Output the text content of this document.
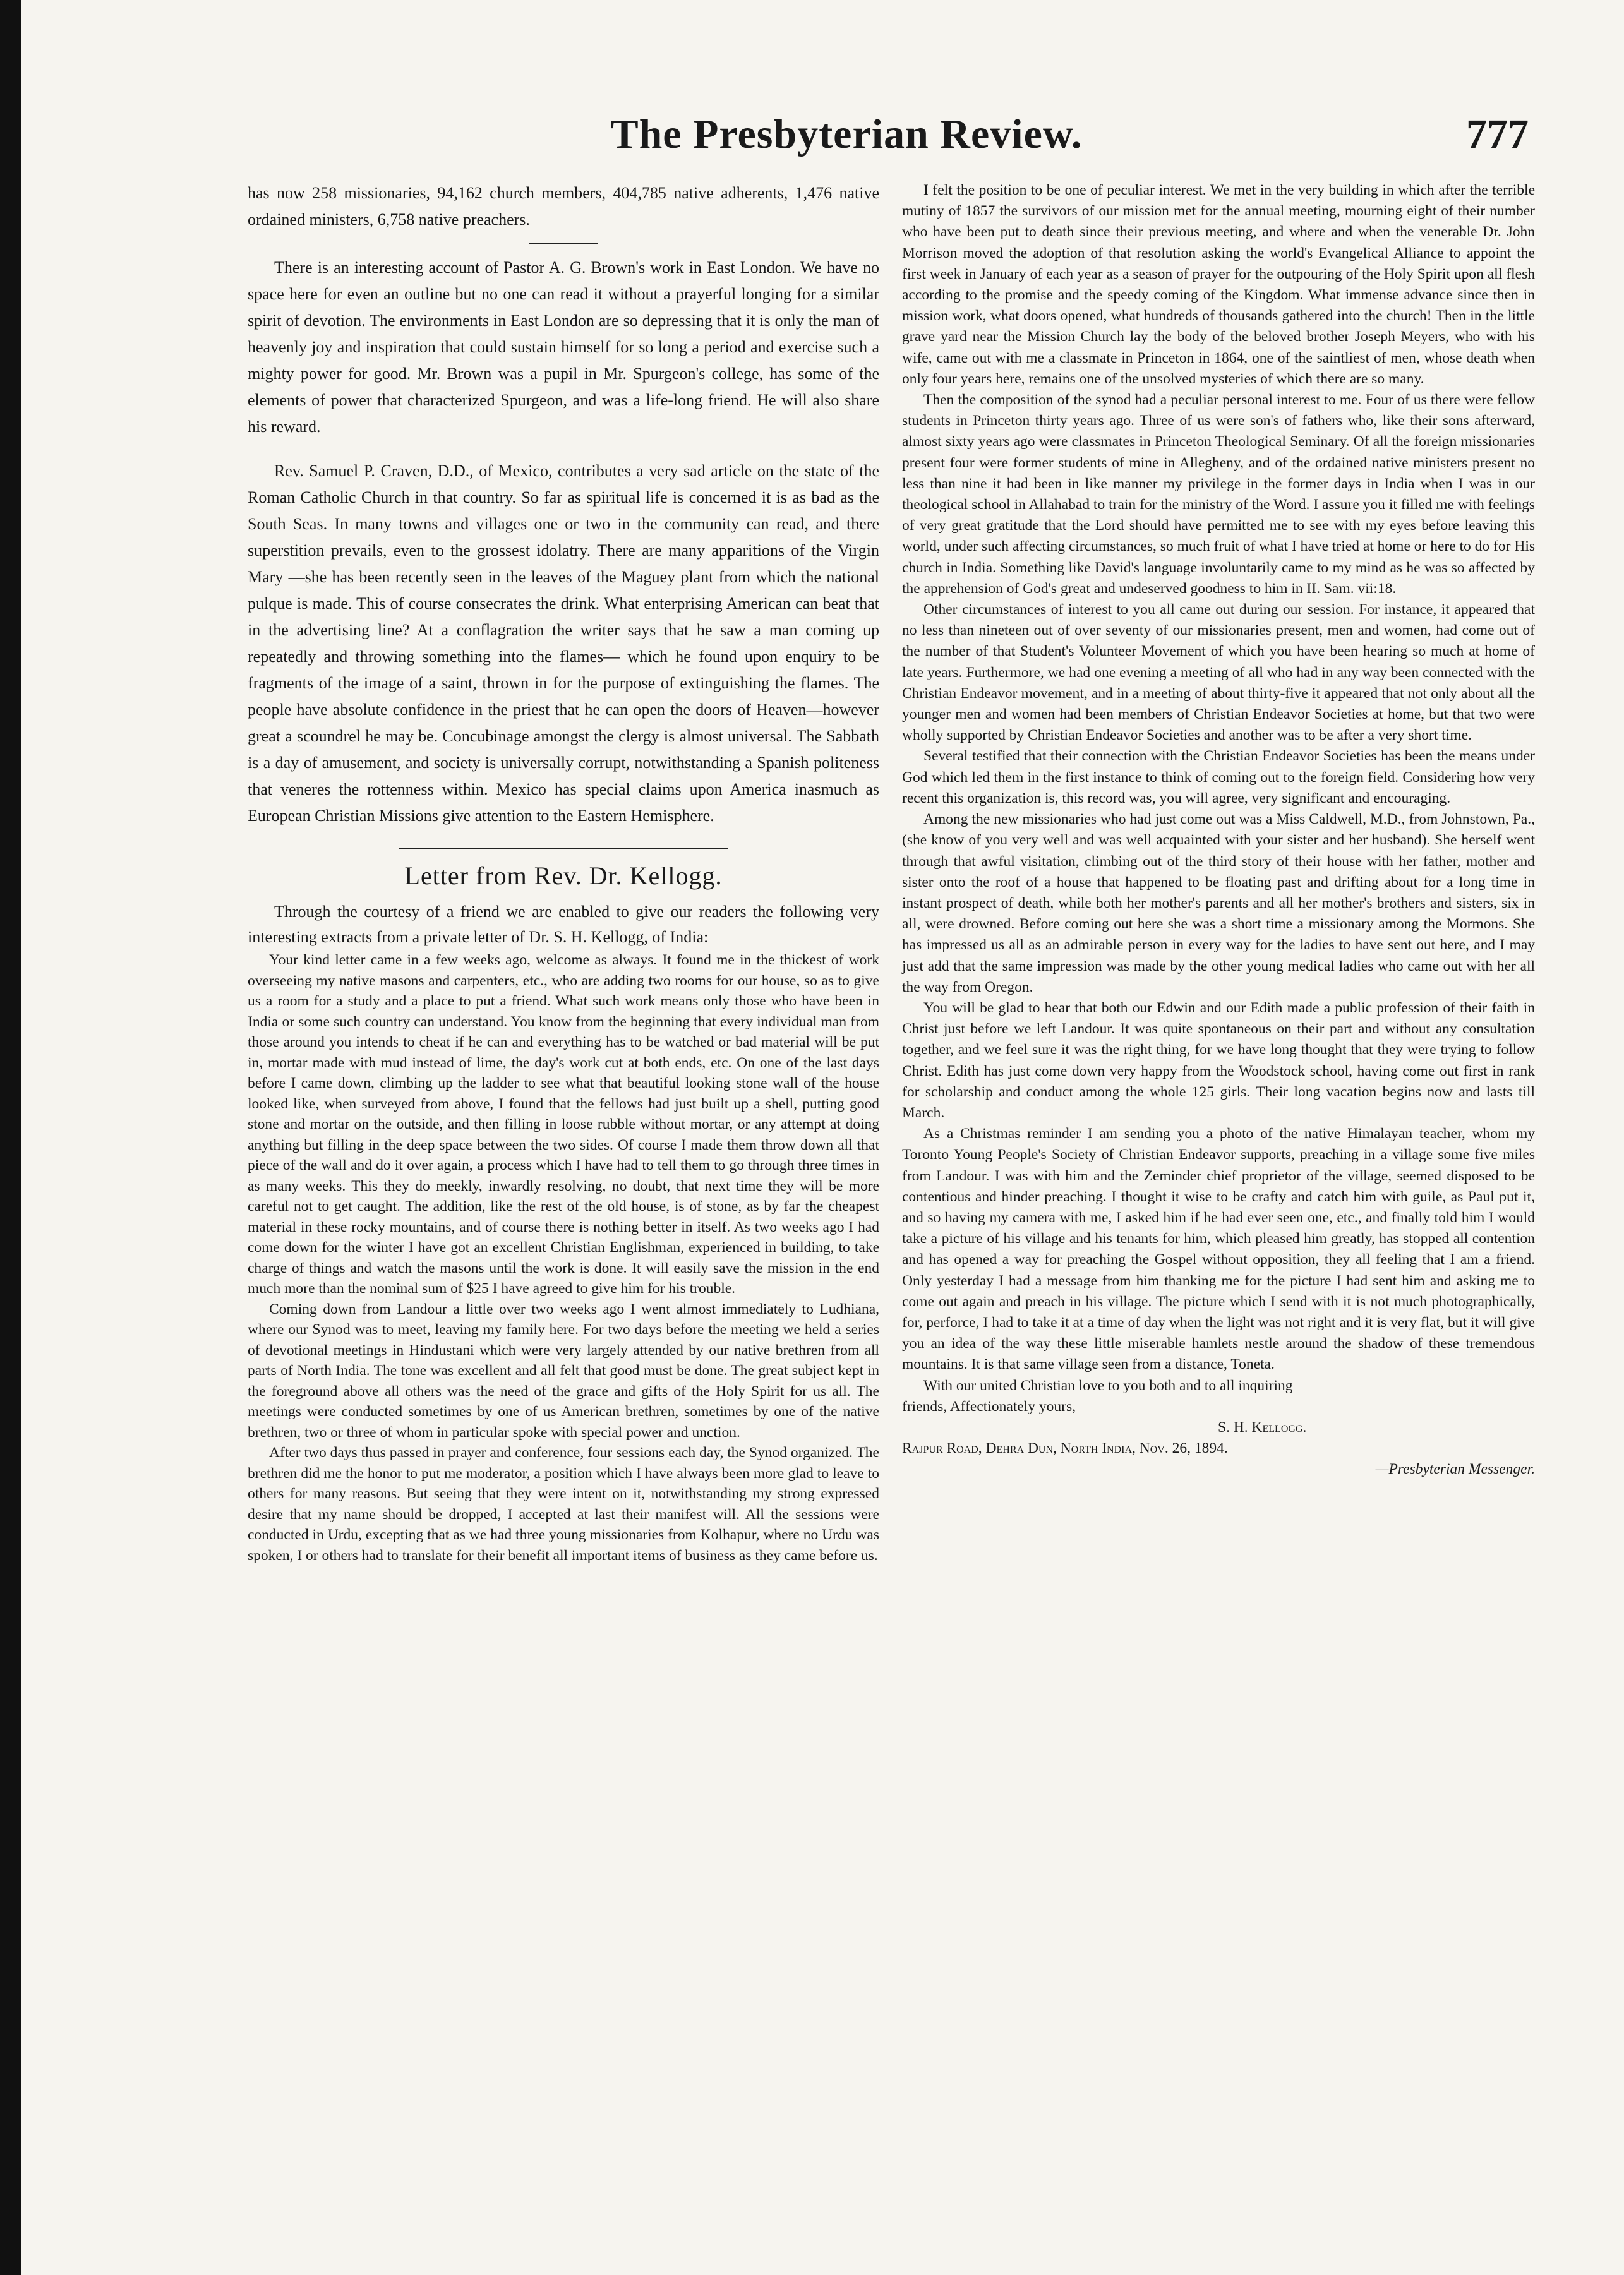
The Presbyterian Review.	777

has now 258 missionaries, 94,162 church members, 404,785 native adherents, 1,476 native ordained ministers, 6,758 native preachers.

There is an interesting account of Pastor A. G. Brown's work in East London. We have no space here for even an outline but no one can read it without a prayerful longing for a similar spirit of devotion. The environments in East London are so depressing that it is only the man of heavenly joy and inspiration that could sustain himself for so long a period and exercise such a mighty power for good. Mr. Brown was a pupil in Mr. Spurgeon's college, has some of the elements of power that characterized Spurgeon, and was a life-long friend. He will also share his reward.

Rev. Samuel P. Craven, D.D., of Mexico, contributes a very sad article on the state of the Roman Catholic Church in that country. So far as spiritual life is concerned it is as bad as the South Seas. In many towns and villages one or two in the community can read, and there superstition prevails, even to the grossest idolatry. There are many apparitions of the Virgin Mary —she has been recently seen in the leaves of the Maguey plant from which the national pulque is made. This of course consecrates the drink. What enterprising American can beat that in the advertising line? At a conflagration the writer says that he saw a man coming up repeatedly and throwing something into the flames— which he found upon enquiry to be fragments of the image of a saint, thrown in for the purpose of extinguishing the flames. The people have absolute confidence in the priest that he can open the doors of Heaven—however great a scoundrel he may be. Concubinage amongst the clergy is almost universal. The Sabbath is a day of amusement, and society is universally corrupt, notwithstanding a Spanish politeness that veneres the rottenness within. Mexico has special claims upon America inasmuch as European Christian Missions give attention to the Eastern Hemisphere.

Letter from Rev. Dr. Kellogg.

Through the courtesy of a friend we are enabled to give our readers the following very interesting extracts from a private letter of Dr. S. H. Kellogg, of India:

Your kind letter came in a few weeks ago, welcome as always. It found me in the thickest of work overseeing my native masons and carpenters, etc., who are adding two rooms for our house, so as to give us a room for a study and a place to put a friend. What such work means only those who have been in India or some such country can understand. You know from the beginning that every individual man from those around you intends to cheat if he can and everything has to be watched or bad material will be put in, mortar made with mud instead of lime, the day's work cut at both ends, etc. On one of the last days before I came down, climbing up the ladder to see what that beautiful looking stone wall of the house looked like, when surveyed from above, I found that the fellows had just built up a shell, putting good stone and mortar on the outside, and then filling in loose rubble without mortar, or any attempt at doing anything but filling in the deep space between the two sides. Of course I made them throw down all that piece of the wall and do it over again, a process which I have had to tell them to go through three times in as many weeks. This they do meekly, inwardly resolving, no doubt, that next time they will be more careful not to get caught. The addition, like the rest of the old house, is of stone, as by far the cheapest material in these rocky mountains, and of course there is nothing better in itself. As two weeks ago I had come down for the winter I have got an excellent Christian Englishman, experienced in building, to take charge of things and watch the masons until the work is done. It will easily save the mission in the end much more than the nominal sum of $25 I have agreed to give him for his trouble.

Coming down from Landour a little over two weeks ago I went almost immediately to Ludhiana, where our Synod was to meet, leaving my family here. For two days before the meeting we held a series of devotional meetings in Hindustani which were very largely attended by our native brethren from all parts of North India. The tone was excellent and all felt that good must be done. The great subject kept in the foreground above all others was the need of the grace and gifts of the Holy Spirit for us all. The meetings were conducted sometimes by one of us American brethren, sometimes by one of the native brethren, two or three of whom in particular spoke with special power and unction.

After two days thus passed in prayer and conference, four sessions each day, the Synod organized. The brethren did me the honor to put me moderator, a position which I have always been more glad to leave to others for many reasons. But seeing that they were intent on it, notwithstanding my strong expressed desire that my name should be dropped, I accepted at last their manifest will. All the sessions were conducted in Urdu, excepting that as we had three young missionaries from Kolhapur, where no Urdu was spoken, I or others had to translate for their benefit all important items of business as they came before us.

I felt the position to be one of peculiar interest. We met in the very building in which after the terrible mutiny of 1857 the survivors of our mission met for the annual meeting, mourning eight of their number who have been put to death since their previous meeting, and where and when the venerable Dr. John Morrison moved the adoption of that resolution asking the world's Evangelical Alliance to appoint the first week in January of each year as a season of prayer for the outpouring of the Holy Spirit upon all flesh according to the promise and the speedy coming of the Kingdom. What immense advance since then in mission work, what doors opened, what hundreds of thousands gathered into the church! Then in the little grave yard near the Mission Church lay the body of the beloved brother Joseph Meyers, who with his wife, came out with me a classmate in Princeton in 1864, one of the saintliest of men, whose death when only four years here, remains one of the unsolved mysteries of which there are so many.

Then the composition of the synod had a peculiar personal interest to me. Four of us there were fellow students in Princeton thirty years ago. Three of us were son's of fathers who, like their sons afterward, almost sixty years ago were classmates in Princeton Theological Seminary. Of all the foreign missionaries present four were former students of mine in Allegheny, and of the ordained native ministers present no less than nine it had been in like manner my privilege in the former days in India when I was in our theological school in Allahabad to train for the ministry of the Word. I assure you it filled me with feelings of very great gratitude that the Lord should have permitted me to see with my eyes before leaving this world, under such affecting circumstances, so much fruit of what I have tried at home or here to do for His church in India. Something like David's language involuntarily came to my mind as he was so affected by the apprehension of God's great and undeserved goodness to him in II. Sam. vii:18.

Other circumstances of interest to you all came out during our session. For instance, it appeared that no less than nineteen out of over seventy of our missionaries present, men and women, had come out of the number of that Student's Volunteer Movement of which you have been hearing so much at home of late years. Furthermore, we had one evening a meeting of all who had in any way been connected with the Christian Endeavor movement, and in a meeting of about thirty-five it appeared that not only about all the younger men and women had been members of Christian Endeavor Societies at home, but that two were wholly supported by Christian Endeavor Societies and another was to be after a very short time.

Several testified that their connection with the Christian Endeavor Societies has been the means under God which led them in the first instance to think of coming out to the foreign field. Considering how very recent this organization is, this record was, you will agree, very significant and encouraging.

Among the new missionaries who had just come out was a Miss Caldwell, M.D., from Johnstown, Pa., (she know of you very well and was well acquainted with your sister and her husband). She herself went through that awful visitation, climbing out of the third story of their house with her father, mother and sister onto the roof of a house that happened to be floating past and drifting about for a long time in instant prospect of death, while both her mother's parents and all her mother's brothers and sisters, six in all, were drowned. Before coming out here she was a short time a missionary among the Mormons. She has impressed us all as an admirable person in every way for the ladies to have sent out here, and I may just add that the same impression was made by the other young medical ladies who came out with her all the way from Oregon.

You will be glad to hear that both our Edwin and our Edith made a public profession of their faith in Christ just before we left Landour. It was quite spontaneous on their part and without any consultation together, and we feel sure it was the right thing, for we have long thought that they were trying to follow Christ. Edith has just come down very happy from the Woodstock school, having come out first in rank for scholarship and conduct among the whole 125 girls. Their long vacation begins now and lasts till March.

As a Christmas reminder I am sending you a photo of the native Himalayan teacher, whom my Toronto Young People's Society of Christian Endeavor supports, preaching in a village some five miles from Landour. I was with him and the Zeminder chief proprietor of the village, seemed disposed to be contentious and hinder preaching. I thought it wise to be crafty and catch him with guile, as Paul put it, and so having my camera with me, I asked him if he had ever seen one, etc., and finally told him I would take a picture of his village and his tenants for him, which pleased him greatly, has stopped all contention and has opened a way for preaching the Gospel without opposition, they all feeling that I am a friend. Only yesterday I had a message from him thanking me for the picture I had sent him and asking me to come out again and preach in his village. The picture which I send with it is not much photographically, for, perforce, I had to take it at a time of day when the light was not right and it is very flat, but it will give you an idea of the way these little miserable hamlets nestle around the shadow of these tremendous mountains. It is that same village seen from a distance, Toneta.

With our united Christian love to you both and to all inquiring
friends, Affectionately yours,
S. H. Kellogg.
Rajpur Road, Dehra Dun, North India, Nov. 26, 1894.
—Presbyterian Messenger.
